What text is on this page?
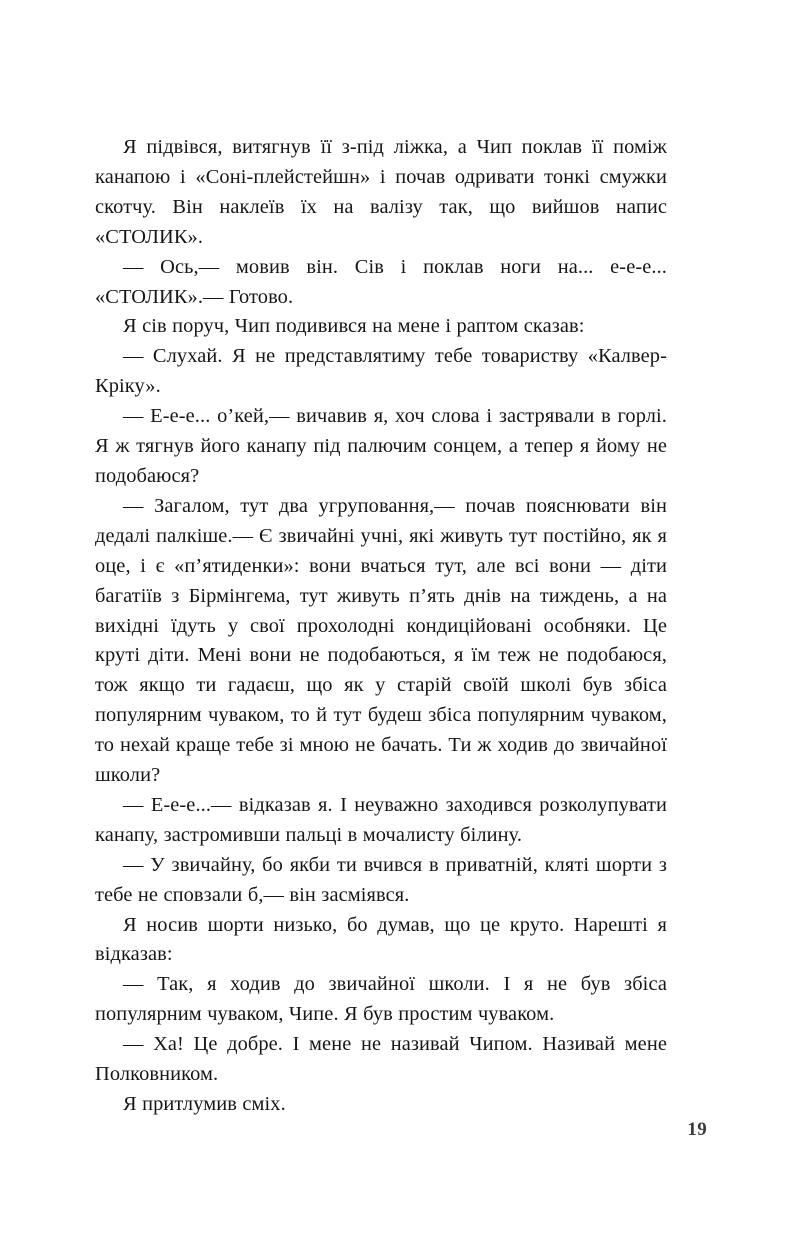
Я підвівся, витягнув її з-під ліжка, а Чип поклав її поміж канапою і «Соні-плейстейшн» і почав одривати тонкі смужки скотчу. Він наклеїв їх на валізу так, що вийшов напис «СТОЛИК».

— Ось,— мовив він. Сів і поклав ноги на... е-е-е... «СТОЛИК».— Готово.

Я сів поруч, Чип подивився на мене і раптом сказав:

— Слухай. Я не представлятиму тебе товариству «Калвер-Кріку».

— Е-е-е... о’кей,— вичавив я, хоч слова і застрявали в горлі. Я ж тягнув його канапу під палючим сонцем, а тепер я йому не подобаюся?

— Загалом, тут два угруповання,— почав пояснювати він дедалі палкіше.— Є звичайні учні, які живуть тут постійно, як я оце, і є «п’ятиденки»: вони вчаться тут, але всі вони — діти багатіїв з Бірмінгема, тут живуть п’ять днів на тиждень, а на вихідні їдуть у свої прохолодні кондиційовані особняки. Це круті діти. Мені вони не подобаються, я їм теж не подобаюся, тож якщо ти гадаєш, що як у старій своїй школі був збіса популярним чуваком, то й тут будеш збіса популярним чуваком, то нехай краще тебе зі мною не бачать. Ти ж ходив до звичайної школи?

— Е-е-е...— відказав я. І неуважно заходився розколупувати канапу, застромивши пальці в мочалисту білину.

— У звичайну, бо якби ти вчився в приватній, кляті шорти з тебе не сповзали б,— він засміявся.

Я носив шорти низько, бо думав, що це круто. Нарешті я відказав:

— Так, я ходив до звичайної школи. І я не був збіса популярним чуваком, Чипе. Я був простим чуваком.

— Ха! Це добре. І мене не називай Чипом. Називай мене Полковником.

Я притлумив сміх.

19
